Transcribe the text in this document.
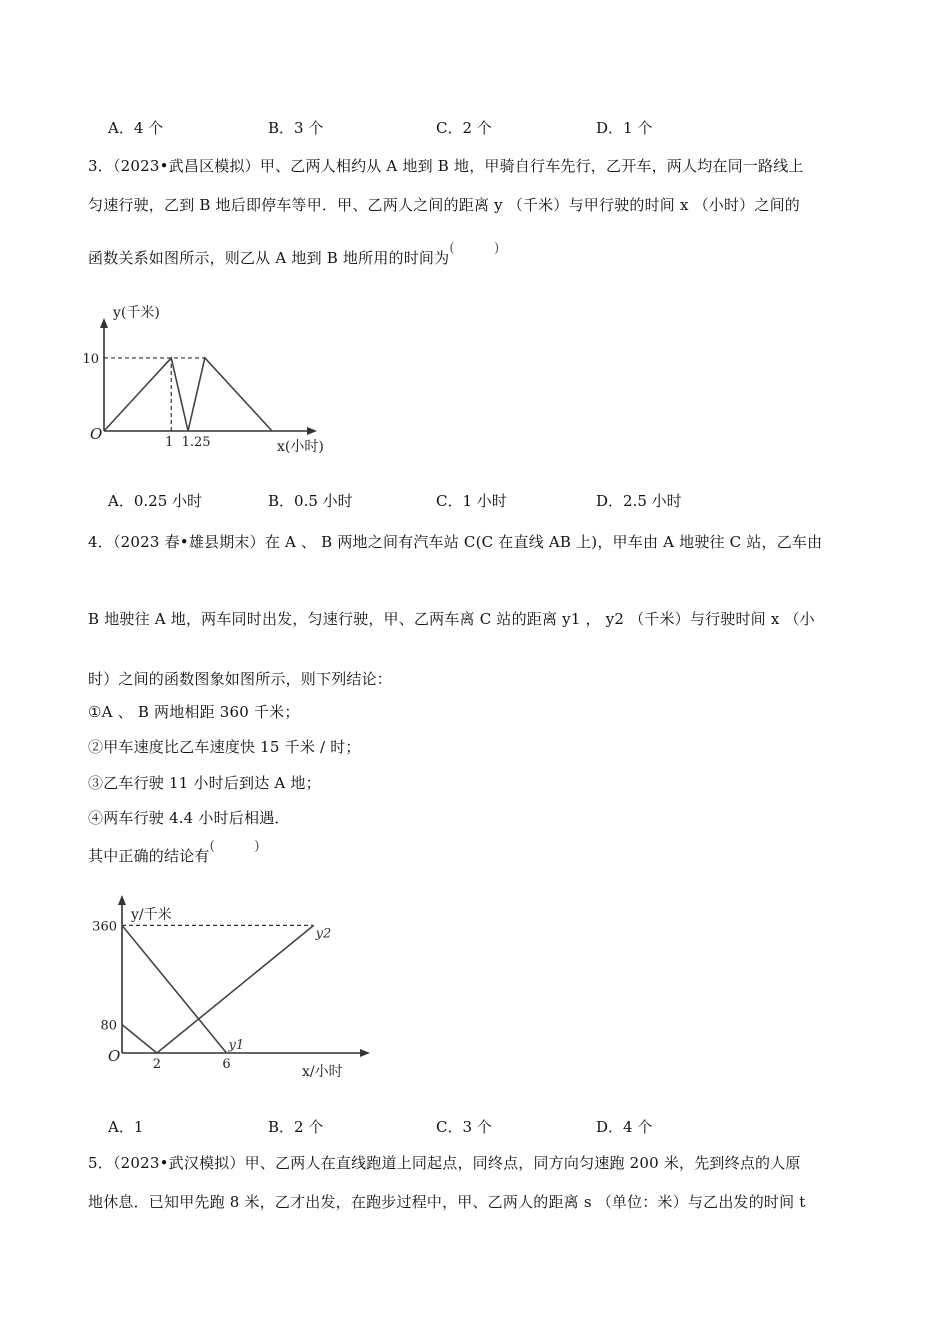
A．4 个	B．3 个	C．2 个	D．1 个
3．（2023•武昌区模拟）甲、乙两人相约从 A 地到 B 地，甲骑自行车先行，乙开车，两人均在同一路线上
匀速行驶，乙到 B 地后即停车等甲．甲、乙两人之间的距离 y （千米）与甲行驶的时间 x （小时）之间的
函数关系如图所示，则乙从 A 地到 B 地所用的时间为( )
O
y(千米)
x(小时)
10
1 1.25
A．0.25 小时	B．0.5 小时	C．1 小时	D．2.5 小时
4．（2023 春•雄县期末）在 A 、 B 两地之间有汽车站 C(C 在直线 AB 上)，甲车由 A 地驶往 C 站，乙车由
B 地驶往 A 地，两车同时出发，匀速行驶，甲、乙两车离 C 站的距离 y1 ， y2 （千米）与行驶时间 x （小
时）之间的函数图象如图所示，则下列结论：
①A 、 B 两地相距 360 千米；
②甲车速度比乙车速度快 15 千米 / 时；
③乙车行驶 11 小时后到达 A 地；
④两车行驶 4.4 小时后相遇．
其中正确的结论有( )
O
y/千米
x/小时
80
360
2	6
y2
y1
A．1	B．2 个	C．3 个	D．4 个
5．（2023•武汉模拟）甲、乙两人在直线跑道上同起点，同终点，同方向匀速跑 200 米，先到终点的人原
地休息．已知甲先跑 8 米，乙才出发，在跑步过程中，甲、乙两人的距离 s （单位：米）与乙出发的时间 t
